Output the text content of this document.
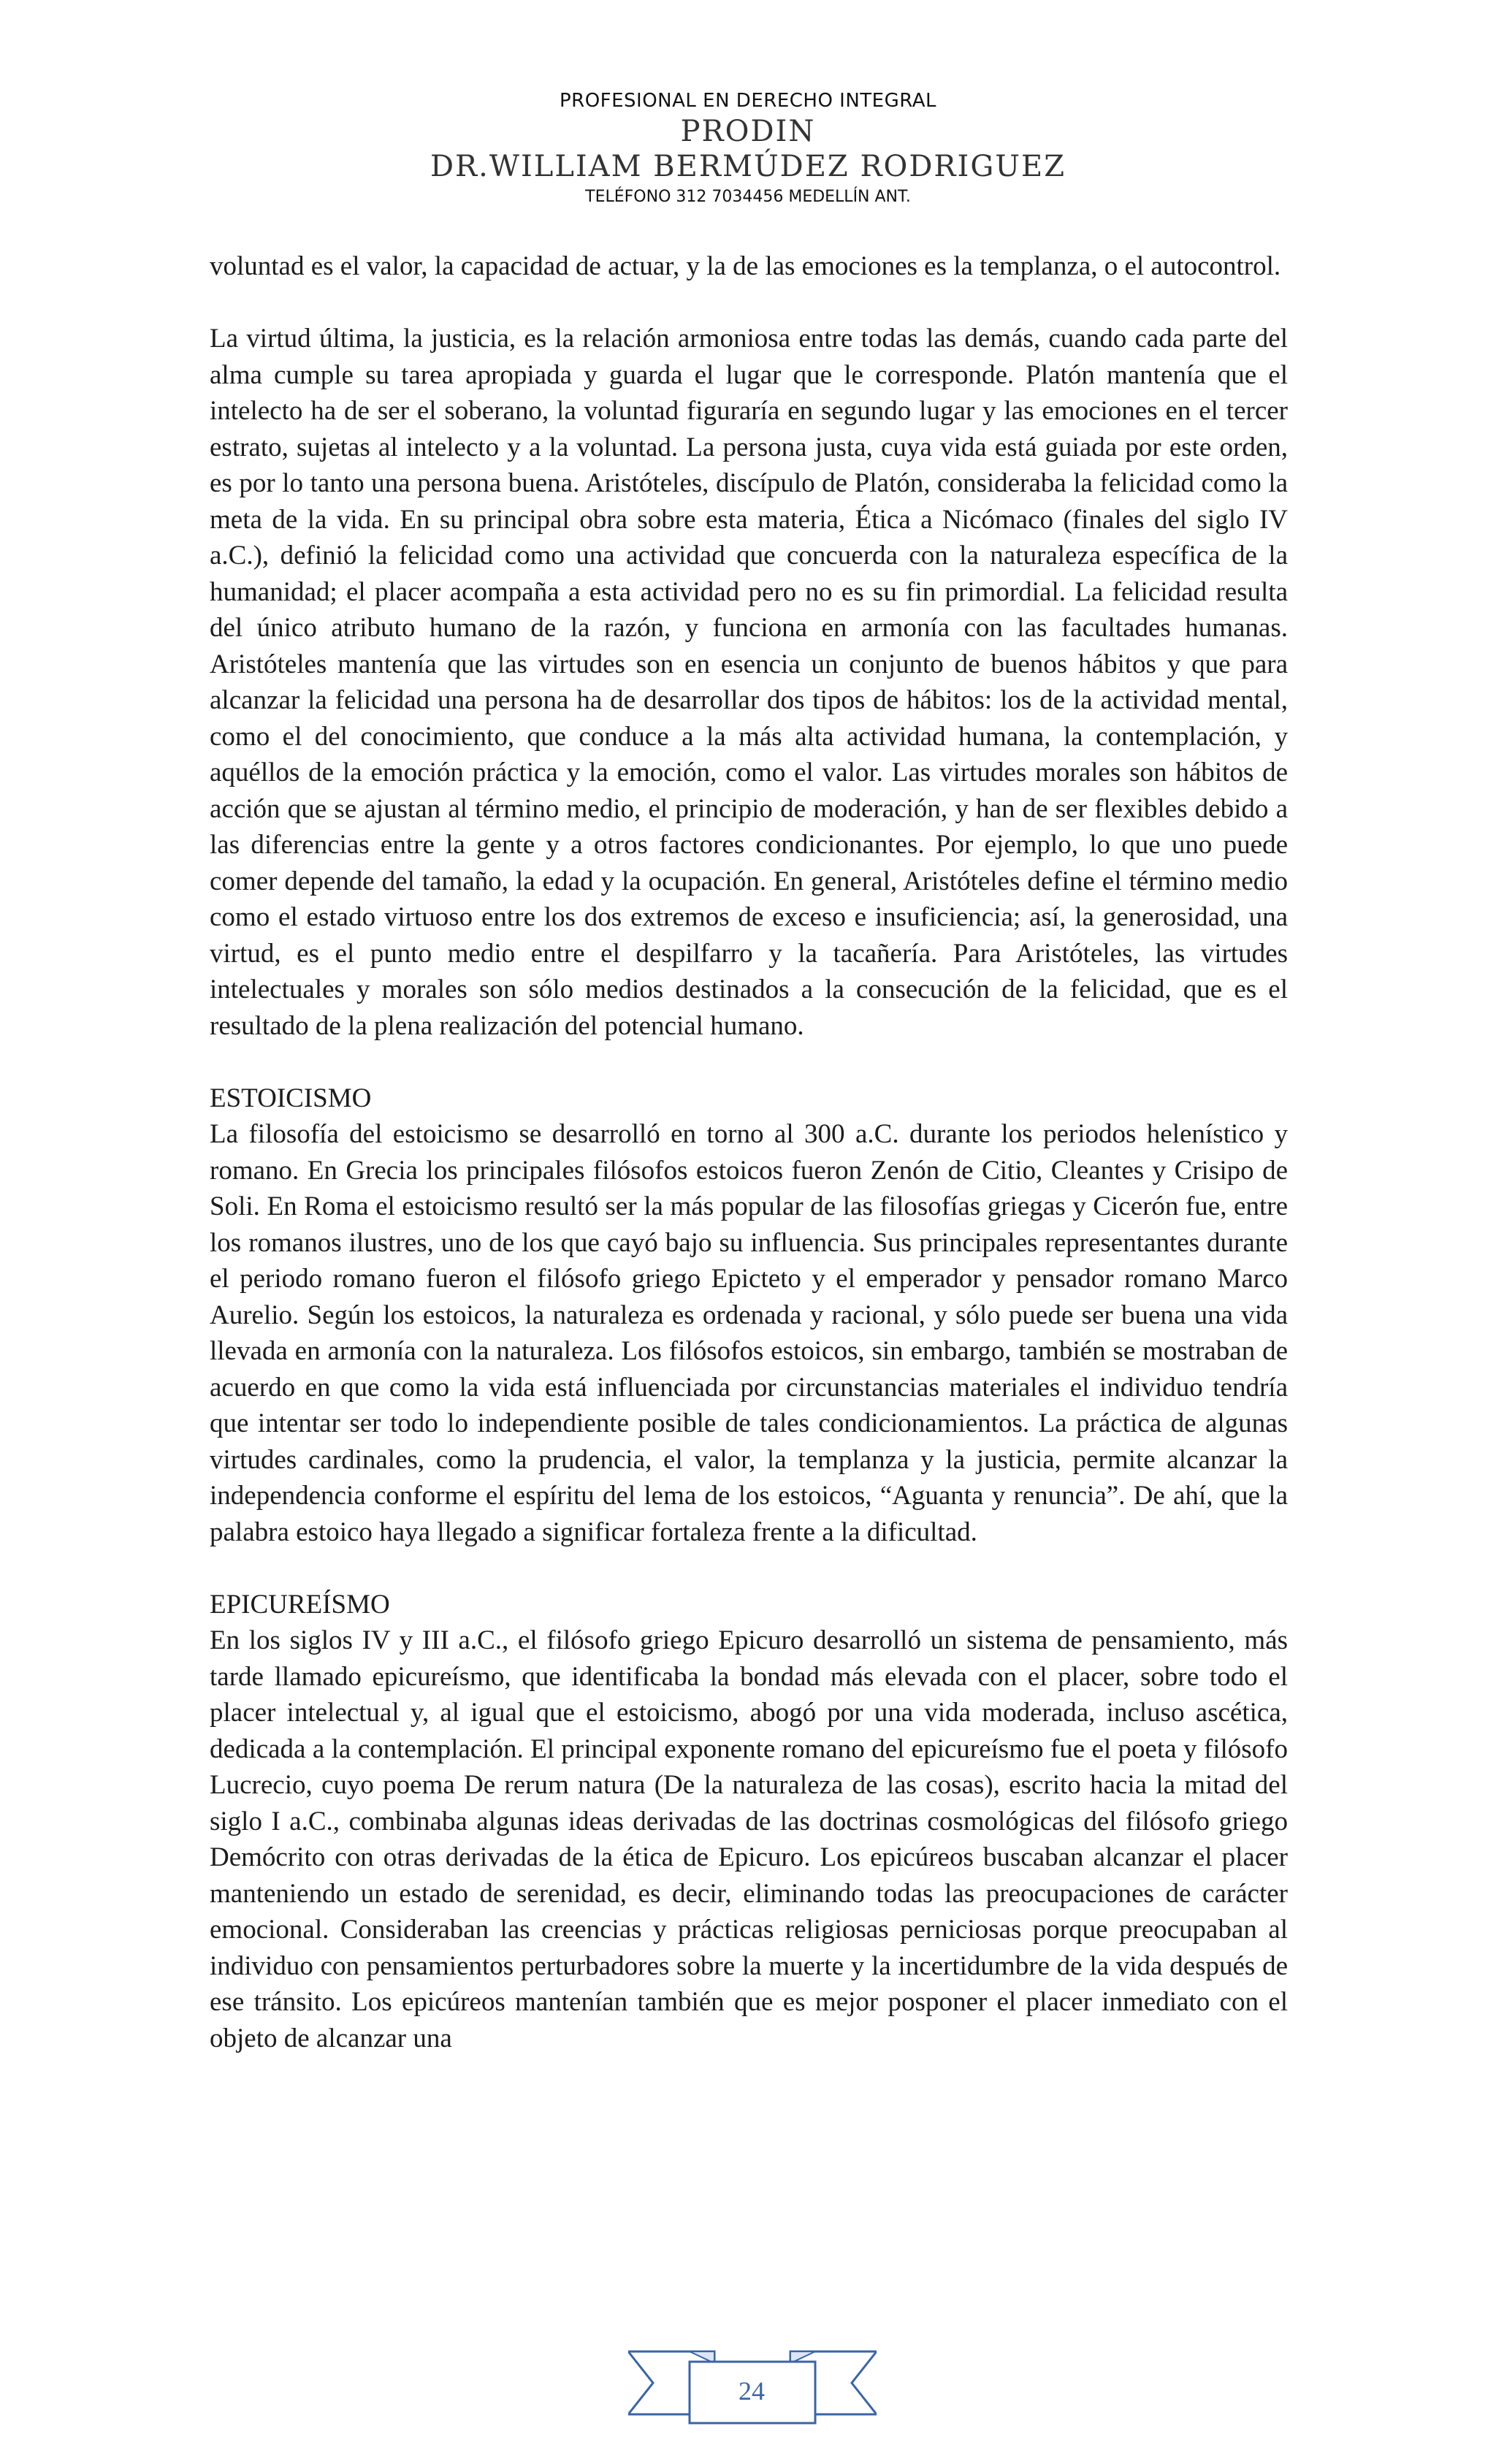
PROFESIONAL EN DERECHO INTEGRAL
PRODIN
DR.WILLIAM BERMÚDEZ RODRIGUEZ
TELÉFONO 312 7034456 MEDELLÍN ANT.

voluntad es el valor, la capacidad de actuar, y la de las emociones es la templanza, o el autocontrol.

La virtud última, la justicia, es la relación armoniosa entre todas las demás, cuando cada parte del alma cumple su tarea apropiada y guarda el lugar que le corresponde. Platón mantenía que el intelecto ha de ser el soberano, la voluntad figuraría en segundo lugar y las emociones en el tercer estrato, sujetas al intelecto y a la voluntad. La persona justa, cuya vida está guiada por este orden, es por lo tanto una persona buena. Aristóteles, discípulo de Platón, consideraba la felicidad como la meta de la vida. En su principal obra sobre esta materia, Ética a Nicómaco (finales del siglo IV a.C.), definió la felicidad como una actividad que concuerda con la naturaleza específica de la humanidad; el placer acompaña a esta actividad pero no es su fin primordial. La felicidad resulta del único atributo humano de la razón, y funciona en armonía con las facultades humanas. Aristóteles mantenía que las virtudes son en esencia un conjunto de buenos hábitos y que para alcanzar la felicidad una persona ha de desarrollar dos tipos de hábitos: los de la actividad mental, como el del conocimiento, que conduce a la más alta actividad humana, la contemplación, y aquéllos de la emoción práctica y la emoción, como el valor. Las virtudes morales son hábitos de acción que se ajustan al término medio, el principio de moderación, y han de ser flexibles debido a las diferencias entre la gente y a otros factores condicionantes. Por ejemplo, lo que uno puede comer depende del tamaño, la edad y la ocupación. En general, Aristóteles define el término medio como el estado virtuoso entre los dos extremos de exceso e insuficiencia; así, la generosidad, una virtud, es el punto medio entre el despilfarro y la tacañería. Para Aristóteles, las virtudes intelectuales y morales son sólo medios destinados a la consecución de la felicidad, que es el resultado de la plena realización del potencial humano.

ESTOICISMO

La filosofía del estoicismo se desarrolló en torno al 300 a.C. durante los periodos helenístico y romano. En Grecia los principales filósofos estoicos fueron Zenón de Citio, Cleantes y Crisipo de Soli. En Roma el estoicismo resultó ser la más popular de las filosofías griegas y Cicerón fue, entre los romanos ilustres, uno de los que cayó bajo su influencia. Sus principales representantes durante el periodo romano fueron el filósofo griego Epicteto y el emperador y pensador romano Marco Aurelio. Según los estoicos, la naturaleza es ordenada y racional, y sólo puede ser buena una vida llevada en armonía con la naturaleza. Los filósofos estoicos, sin embargo, también se mostraban de acuerdo en que como la vida está influenciada por circunstancias materiales el individuo tendría que intentar ser todo lo independiente posible de tales condicionamientos. La práctica de algunas virtudes cardinales, como la prudencia, el valor, la templanza y la justicia, permite alcanzar la independencia conforme el espíritu del lema de los estoicos, “Aguanta y renuncia”. De ahí, que la palabra estoico haya llegado a significar fortaleza frente a la dificultad.

EPICUREÍSMO

En los siglos IV y III a.C., el filósofo griego Epicuro desarrolló un sistema de pensamiento, más tarde llamado epicureísmo, que identificaba la bondad más elevada con el placer, sobre todo el placer intelectual y, al igual que el estoicismo, abogó por una vida moderada, incluso ascética, dedicada a la contemplación. El principal exponente romano del epicureísmo fue el poeta y filósofo Lucrecio, cuyo poema De rerum natura (De la naturaleza de las cosas), escrito hacia la mitad del siglo I a.C., combinaba algunas ideas derivadas de las doctrinas cosmológicas del filósofo griego Demócrito con otras derivadas de la ética de Epicuro. Los epicúreos buscaban alcanzar el placer manteniendo un estado de serenidad, es decir, eliminando todas las preocupaciones de carácter emocional. Consideraban las creencias y prácticas religiosas perniciosas porque preocupaban al individuo con pensamientos perturbadores sobre la muerte y la incertidumbre de la vida después de ese tránsito. Los epicúreos mantenían también que es mejor posponer el placer inmediato con el objeto de alcanzar una

24
